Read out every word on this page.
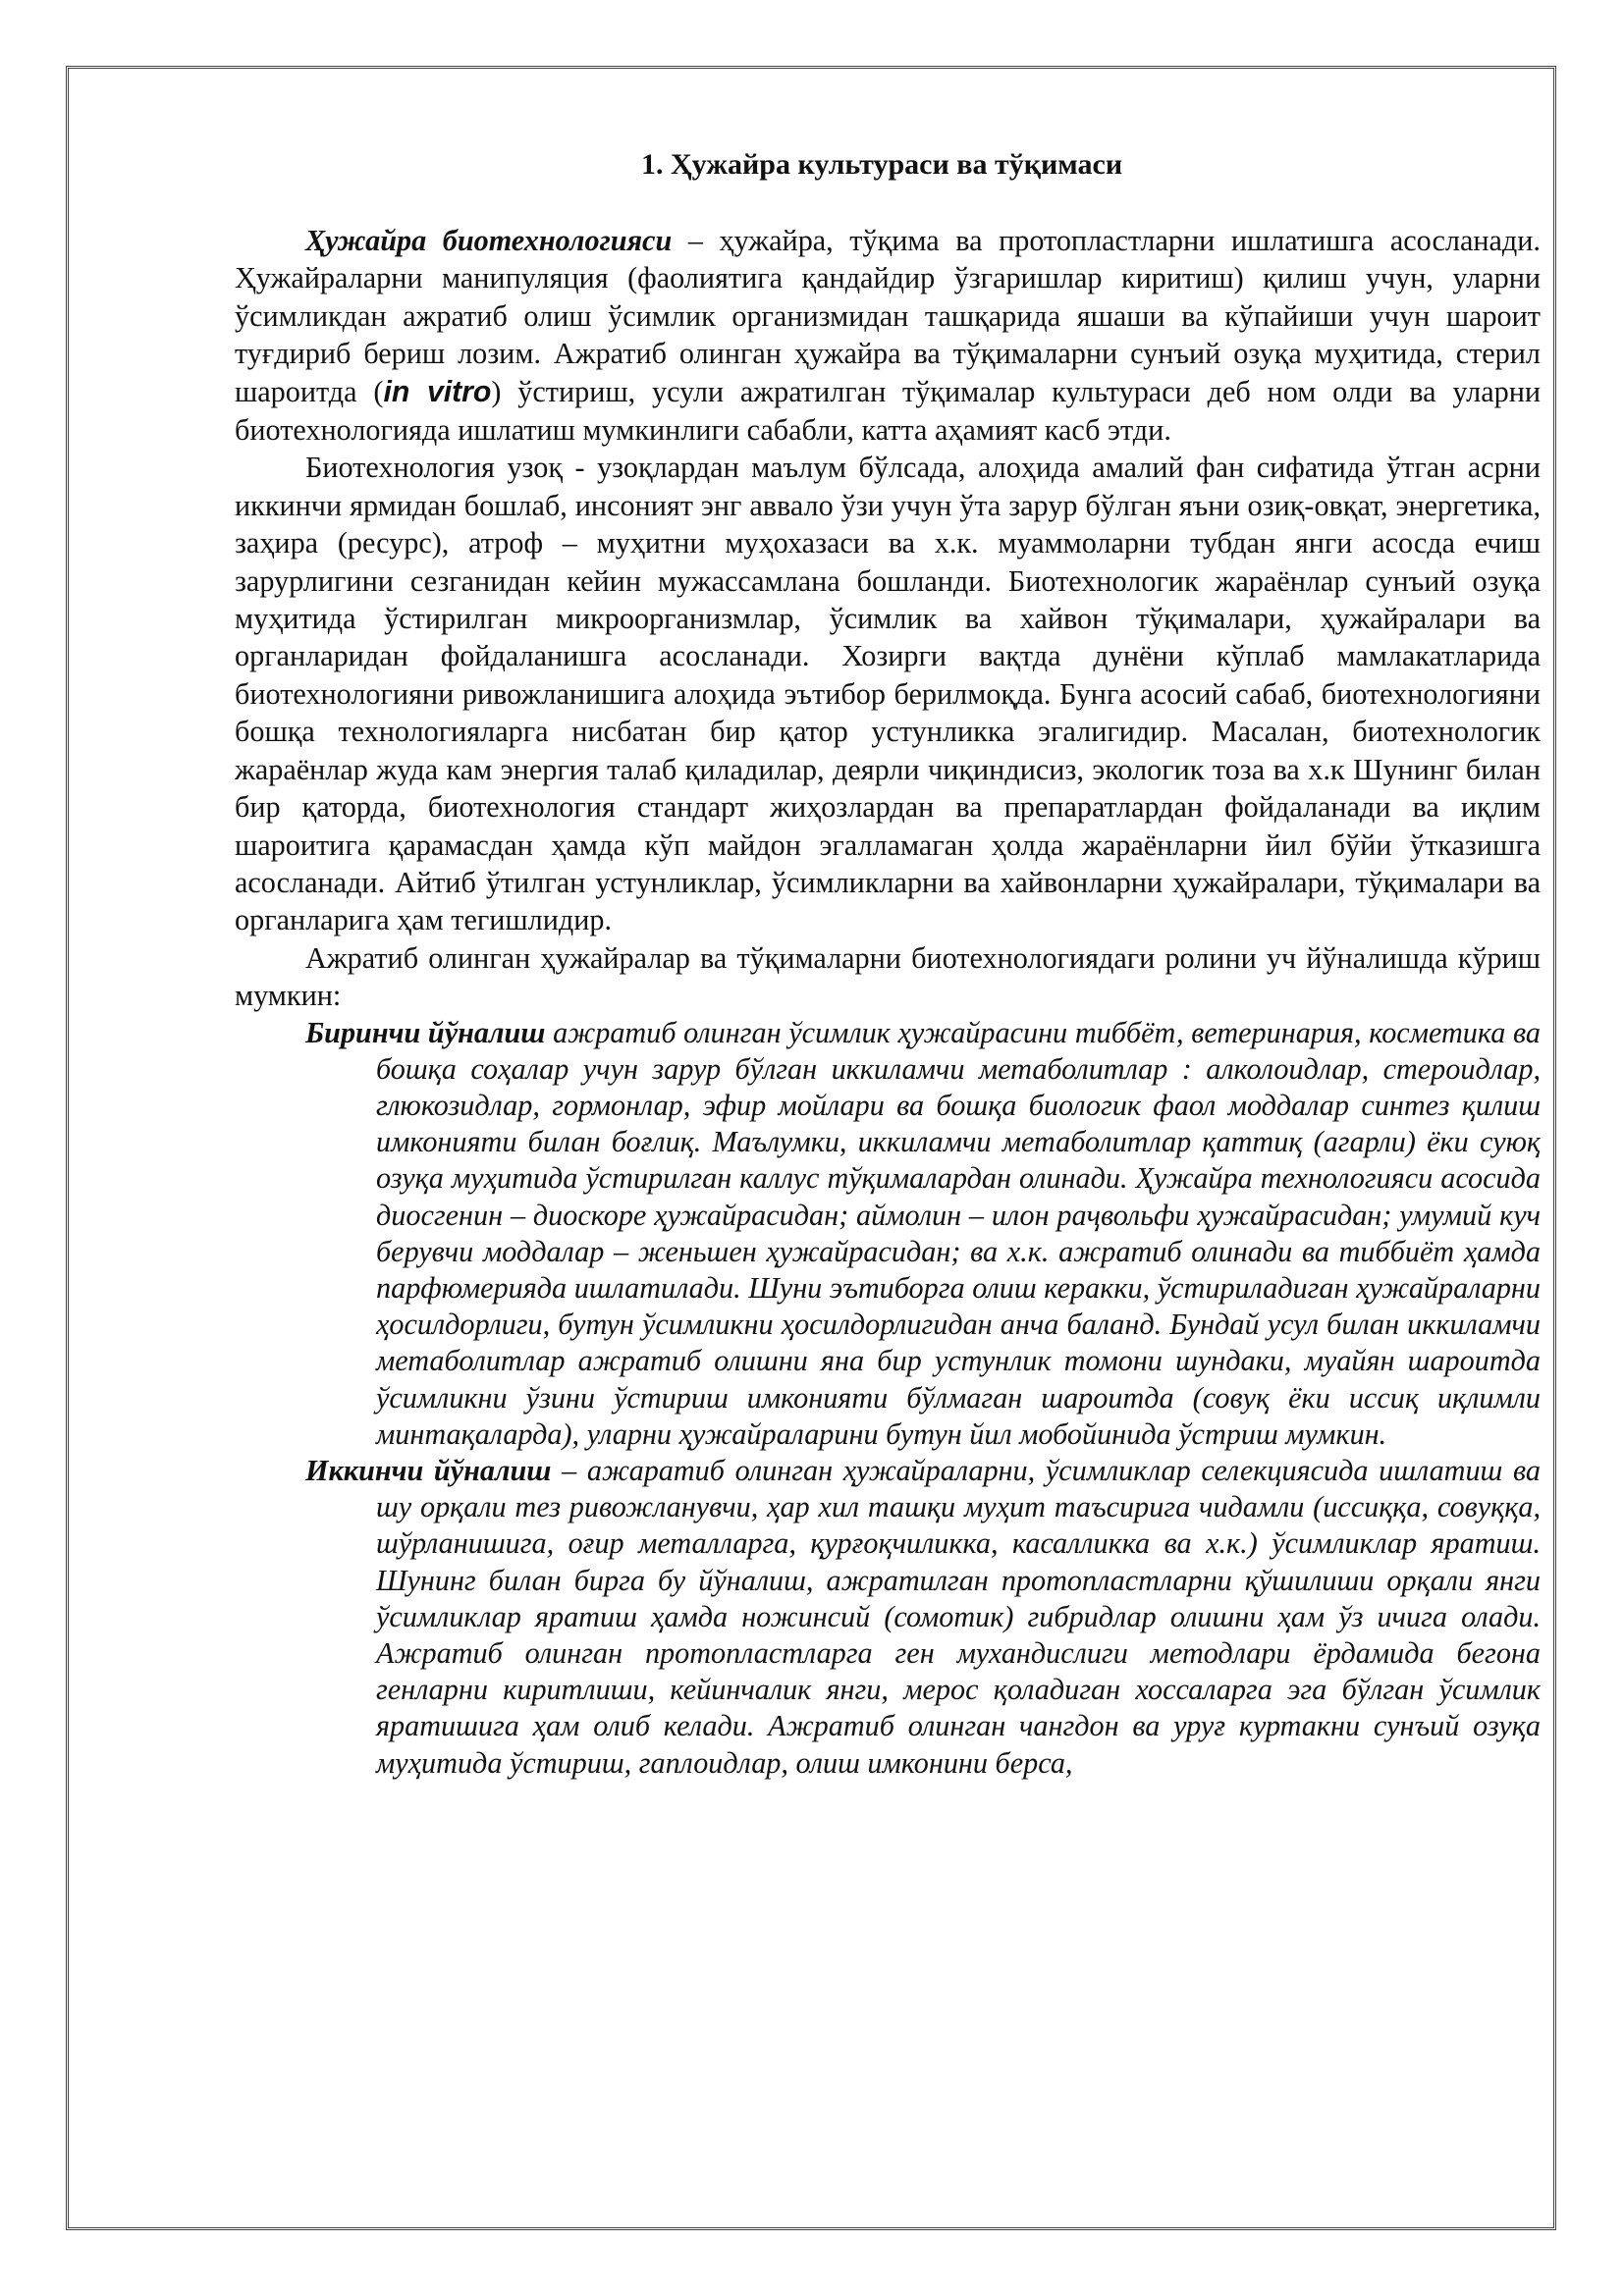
1. Ҳужайра культураси ва тўқимаси

Ҳужайра биотехнологияси – ҳужайра, тўқима ва протопластларни ишлатишга асосланади. Ҳужайраларни манипуляция (фаолиятига қандайдир ўзгаришлар киритиш) қилиш учун, уларни ўсимликдан ажратиб олиш ўсимлик организмидан ташқарида яшаши ва кўпайиши учун шароит туғдириб бериш лозим. Ажратиб олинган ҳужайра ва тўқималарни сунъий озуқа муҳитида, стерил шароитда (in vitro) ўстириш, усули ажратилган тўқималар культураси деб ном олди ва уларни биотехнологияда ишлатиш мумкинлиги сабабли, катта аҳамият касб этди.

Биотехнология узоқ - узоқлардан маълум бўлсада, алоҳида амалий фан сифатида ўтган асрни иккинчи ярмидан бошлаб, инсоният энг аввало ўзи учун ўта зарур бўлган яъни озиқ-овқат, энергетика, заҳира (ресурс), атроф – муҳитни муҳохазаси ва х.к. муаммоларни тубдан янги асосда ечиш зарурлигини сезганидан кейин мужассамлана бошланди. Биотехнологик жараёнлар сунъий озуқа муҳитида ўстирилган микроорганизмлар, ўсимлик ва хайвон тўқималари, ҳужайралари ва органларидан фойдаланишга асосланади. Хозирги вақтда дунёни кўплаб мамлакатларида биотехнологияни ривожланишига алоҳида эътибор берилмоқда. Бунга асосий сабаб, биотехнологияни бошқа технологияларга нисбатан бир қатор устунликка эгалигидир. Масалан, биотехнологик жараёнлар жуда кам энергия талаб қиладилар, деярли чиқиндисиз, экологик тоза ва х.к Шунинг билан бир қаторда, биотехнология стандарт жиҳозлардан ва препаратлардан фойдаланади ва иқлим шароитига қарамасдан ҳамда кўп майдон эгалламаган ҳолда жараёнларни йил бўйи ўтказишга асосланади. Айтиб ўтилган устунликлар, ўсимликларни ва хайвонларни ҳужайралари, тўқималари ва органларига ҳам тегишлидир.

Ажратиб олинган ҳужайралар ва тўқималарни биотехнологиядаги ролини уч йўналишда кўриш мумкин:

Биринчи йўналиш ажратиб олинган ўсимлик ҳужайрасини тиббёт, ветеринария, косметика ва бошқа соҳалар учун зарур бўлган иккиламчи метаболитлар : алколоидлар, стероидлар, глюкозидлар, гормонлар, эфир мойлари ва бошқа биологик фаол моддалар синтез қилиш имконияти билан боғлиқ. Маълумки, иккиламчи метаболитлар қаттиқ (агарли) ёки суюқ озуқа муҳитида ўстирилган каллус тўқималардан олинади. Ҳужайра технологияси асосида диосгенин – диоскоре ҳужайрасидан; аймолин – илон раҷвольфи ҳужайрасидан; умумий куч берувчи моддалар – женьшен ҳужайрасидан; ва х.к. ажратиб олинади ва тиббиёт ҳамда парфюмерияда ишлатилади. Шуни эътиборга олиш керакки, ўстириладиган ҳужайраларни ҳосилдорлиги, бутун ўсимликни ҳосилдорлигидан анча баланд. Бундай усул билан иккиламчи метаболитлар ажратиб олишни яна бир устунлик томони шундаки, муайян шароитда ўсимликни ўзини ўстириш имконияти бўлмаган шароитда (совуқ ёки иссиқ иқлимли минтақаларда), уларни ҳужайраларини бутун йил мобойинида ўстриш мумкин.
Иккинчи йўналиш – ажаратиб олинган ҳужайраларни, ўсимликлар селекциясида ишлатиш ва шу орқали тез ривожланувчи, ҳар хил ташқи муҳит таъсирига чидамли (иссиққа, совуққа, шўрланишига, оғир металларга, қурғоқчиликка, касалликка ва х.к.) ўсимликлар яратиш. Шунинг билан бирга бу йўналиш, ажратилган протопластларни қўшилиши орқали янги ўсимликлар яратиш ҳамда ножинсий (сомотик) гибридлар олишни ҳам ўз ичига олади. Ажратиб олинган протопластларга ген мухандислиги методлари ёрдамида бегона генларни киритлиши, кейинчалик янги, мерос қоладиган хоссаларга эга бўлган ўсимлик яратишига ҳам олиб келади. Ажратиб олинган чангдон ва уруғ куртакни сунъий озуқа муҳитида ўстириш, гаплоидлар, олиш имконини берса,
